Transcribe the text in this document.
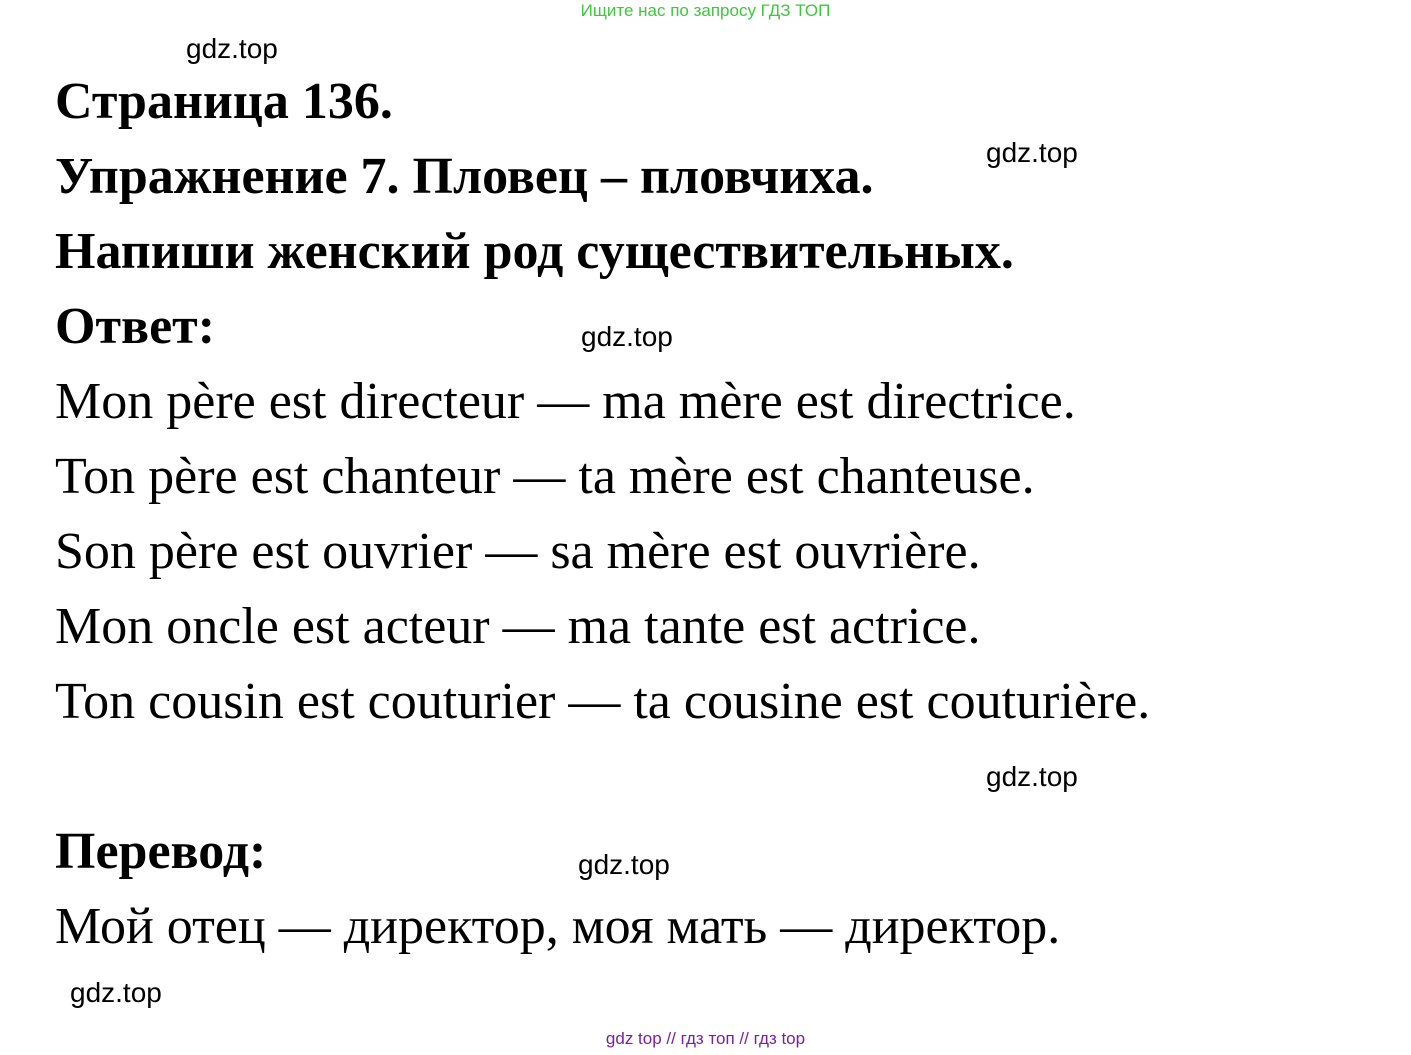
Ищите нас по запросу ГДЗ ТОП
gdz.top
gdz.top
gdz.top
gdz.top
gdz.top
gdz.top
Страница 136.
Упражнение 7. Пловец – пловчиха.
Напиши женский род существительных.
Ответ:
Mon père est directeur — ma mère est directrice.
Ton père est chanteur — ta mère est chanteuse.
Son père est ouvrier — sa mère est ouvrière.
Mon oncle est acteur — ma tante est actrice.
Ton cousin est couturier — ta cousine est couturière.
Перевод:
Мой отец — директор, моя мать — директор.
gdz top // гдз топ // гдз top
